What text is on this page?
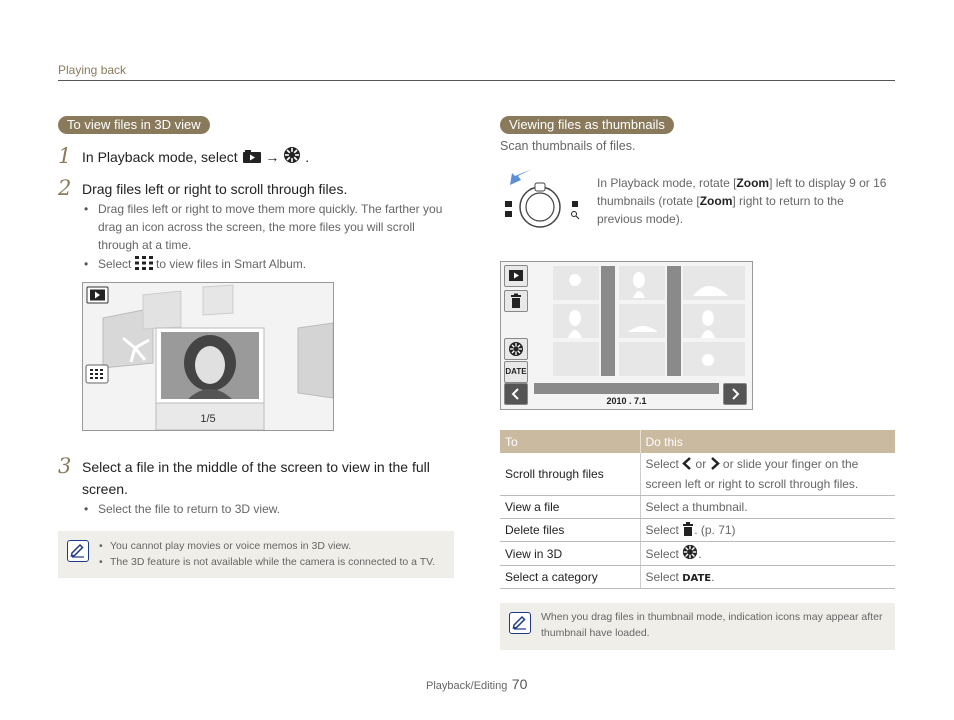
Playing back
To view files in 3D view
1 In Playback mode, select → .
2 Drag files left or right to scroll through files.
• Drag files left or right to move them more quickly. The farther you drag an icon across the screen, the more files you will scroll through at a time.
• Select to view files in Smart Album.
1/5
3 Select a file in the middle of the screen to view in the full screen.
• Select the file to return to 3D view.
• You cannot play movies or voice memos in 3D view.
• The 3D feature is not available while the camera is connected to a TV.
Viewing files as thumbnails
Scan thumbnails of files.
In Playback mode, rotate [Zoom] left to display 9 or 16 thumbnails (rotate [Zoom] right to return to the previous mode).
DATE
2010 . 7.1
To	Do this
Scroll through files	Select or or slide your finger on the screen left or right to scroll through files.
View a file	Select a thumbnail.
Delete files	Select . (p. 71)
View in 3D	Select .
Select a category	Select DATE.
When you drag files in thumbnail mode, indication icons may appear after thumbnail have loaded.
Playback/Editing 70
